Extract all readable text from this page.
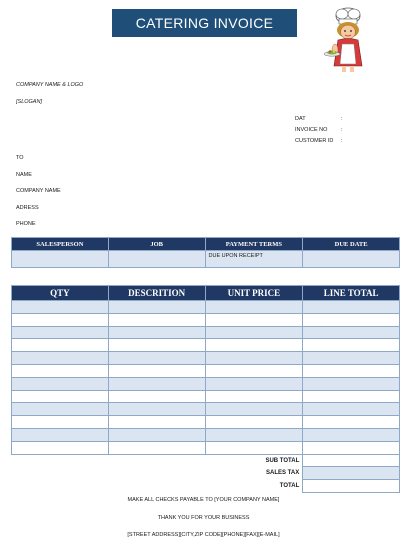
CATERING INVOICE
COMPANY NAME & LOGO
[SLOGAN]
DAT	:
INVOICE NO :
CUSTOMER ID :
TO
NAME
COMPANY NAME
ADRESS
PHONE
SALESPERSON	JOB	PAYMENT TERMS	DUE DATE
		DUE UPON RECEIPT	
QTY	DESCRITION	UNIT PRICE	LINE TOTAL

SUB TOTAL			
SALES TAX			
TOTAL			
MAKE ALL CHECKS PAYABLE TO [YOUR COMPANY NAME]
THANK YOU FOR YOUR BUSINESS
[STREET ADDRESS][CITY,ZIP CODE][PHONE][FAX][E-MAIL]
